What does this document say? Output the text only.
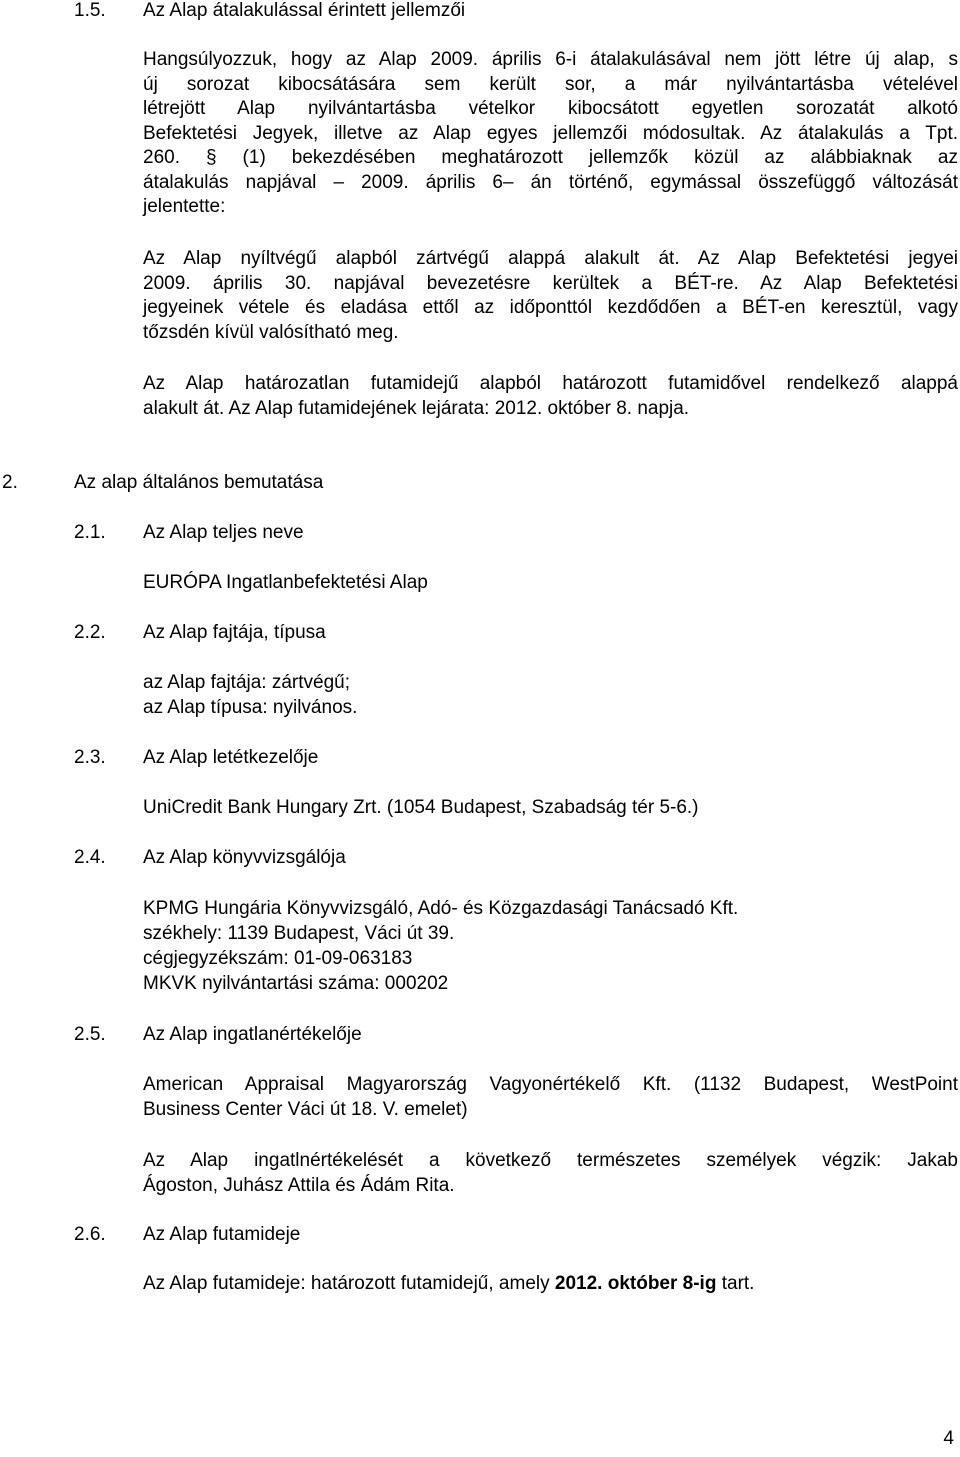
1.5. Az Alap átalakulással érintett jellemzői
Hangsúlyozzuk, hogy az Alap 2009. április 6-i átalakulásával nem jött létre új alap, s
új sorozat kibocsátására sem került sor, a már nyilvántartásba vételével
létrejött Alap nyilvántartásba vételkor kibocsátott egyetlen sorozatát alkotó
Befektetési Jegyek, illetve az Alap egyes jellemzői módosultak. Az átalakulás a Tpt.
260. § (1) bekezdésében meghatározott jellemzők közül az alábbiaknak az
átalakulás napjával – 2009. április 6– án történő, egymással összefüggő változását
jelentette:
Az Alap nyíltvégű alapból zártvégű alappá alakult át. Az Alap Befektetési jegyei
2009. április 30. napjával bevezetésre kerültek a BÉT-re. Az Alap Befektetési
jegyeinek vétele és eladása ettől az időponttól kezdődően a BÉT-en keresztül, vagy
tőzsdén kívül valósítható meg.
Az Alap határozatlan futamidejű alapból határozott futamidővel rendelkező alappá
alakult át. Az Alap futamidejének lejárata: 2012. október 8. napja.
2.	Az alap általános bemutatása
2.1. Az Alap teljes neve
EURÓPA Ingatlanbefektetési Alap
2.2. Az Alap fajtája, típusa
az Alap fajtája: zártvégű;
az Alap típusa: nyilvános.
2.3. Az Alap letétkezelője
UniCredit Bank Hungary Zrt. (1054 Budapest, Szabadság tér 5-6.)
2.4. Az Alap könyvvizsgálója
KPMG Hungária Könyvvizsgáló, Adó- és Közgazdasági Tanácsadó Kft.
székhely: 1139 Budapest, Váci út 39.
cégjegyzékszám: 01-09-063183
MKVK nyilvántartási száma: 000202
2.5. Az Alap ingatlanértékelője
American Appraisal Magyarország Vagyonértékelő Kft. (1132 Budapest, WestPoint
Business Center Váci út 18. V. emelet)
Az Alap ingatlnértékelését a következő természetes személyek végzik: Jakab
Ágoston, Juhász Attila és Ádám Rita.
2.6. Az Alap futamideje
Az Alap futamideje: határozott futamidejű, amely 2012. október 8-ig tart.
4
